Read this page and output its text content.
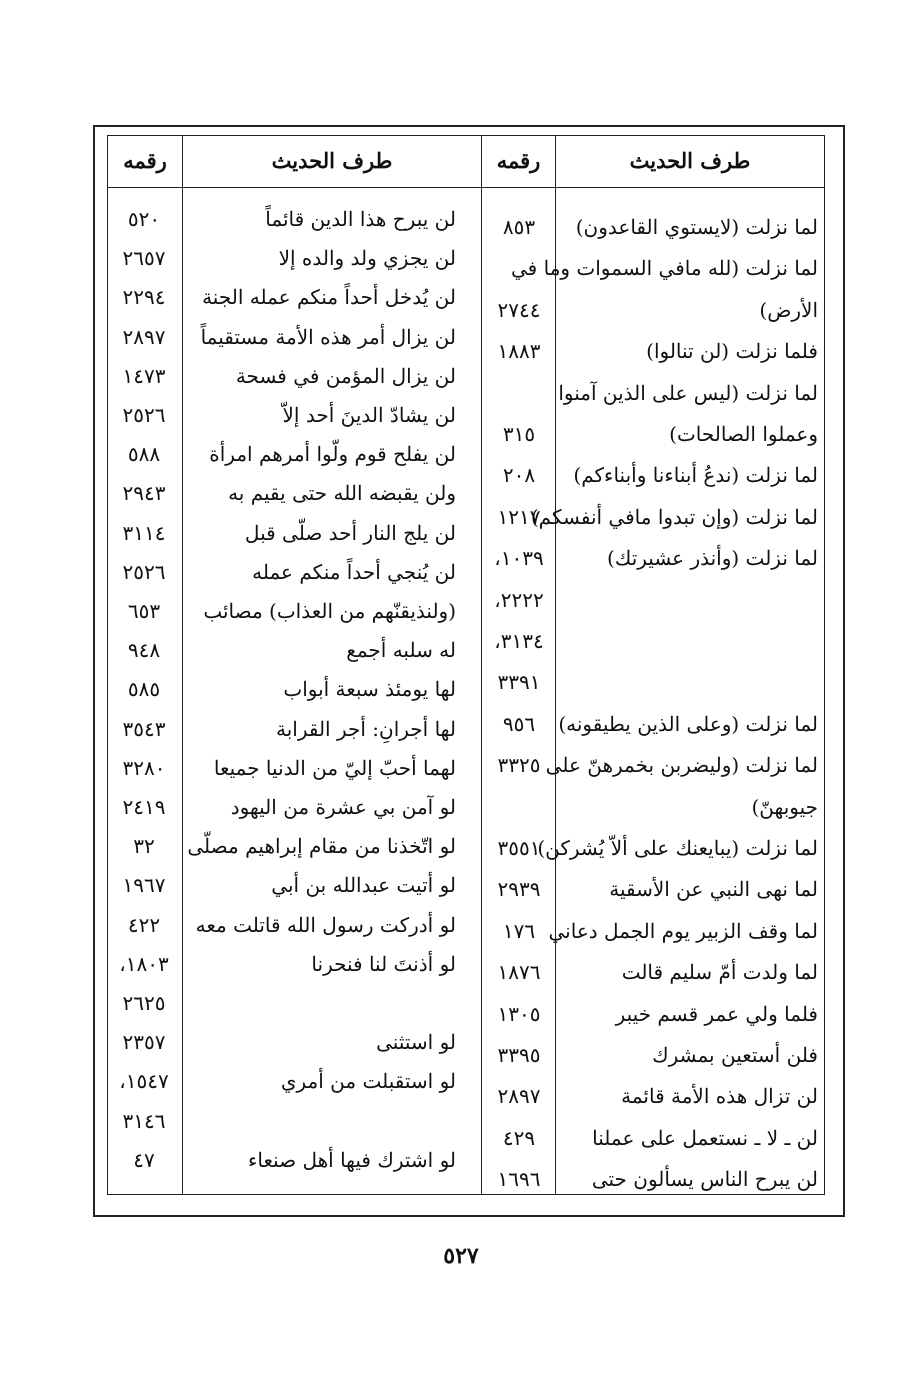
طرف الحديث
رقمه
طرف الحديث
رقمه
لما نزلت (لايستوي القاعدون)
٨٥٣
لما نزلت (لله مافي السموات وما في
الأرض)
٢٧٤٤
فلما نزلت (لن تنالوا)
١٨٨٣
لما نزلت (ليس على الذين آمنوا
وعملوا الصالحات)
٣١٥
لما نزلت (ندعُ أبناءنا وأبناءكم)
٢٠٨
لما نزلت (وإن تبدوا مافي أنفسكم)
١٢١٧
لما نزلت (وأنذر عشيرتك)
١٠٣٩،
٢٢٢٢،
٣١٣٤،
٣٣٩١
لما نزلت (وعلى الذين يطيقونه)
٩٥٦
لما نزلت (وليضربن بخمرهنّ على
٣٣٢٥
جيوبهنّ)
لما نزلت (يبايعنك على ألاّ يُشركن)
٣٥٥١
لما نهى النبي عن الأسقية
٢٩٣٩
لما وقف الزبير يوم الجمل دعاني
١٧٦
لما ولدت أمّ سليم قالت
١٨٧٦
فلما ولي عمر قسم خيبر
١٣٠٥
فلن أستعين بمشرك
٣٣٩٥
لن تزال هذه الأمة قائمة
٢٨٩٧
لن ـ لا ـ نستعمل على عملنا
٤٢٩
لن يبرح الناس يسألون حتى
١٦٩٦
لن يبرح هذا الدين قائماً
٥٢٠
لن يجزي ولد والده إلا
٢٦٥٧
لن يُدخل أحداً منكم عمله الجنة
٢٢٩٤
لن يزال أمر هذه الأمة مستقيماً
٢٨٩٧
لن يزال المؤمن في فسحة
١٤٧٣
لن يشادّ الدينَ أحد إلاّ
٢٥٢٦
لن يفلح قوم ولّوا أمرهم امرأة
٥٨٨
ولن يقبضه الله حتى يقيم به
٢٩٤٣
لن يلج النار أحد صلّى قبل
٣١١٤
لن يُنجي أحداً منكم عمله
٢٥٢٦
(ولنذيقنّهم من العذاب) مصائب
٦٥٣
له سلبه أجمع
٩٤٨
لها يومئذ سبعة أبواب
٥٨٥
لها أجرانِ: أجر القرابة
٣٥٤٣
لهما أحبّ إليّ من الدنيا جميعا
٣٢٨٠
لو آمن بي عشرة من اليهود
٢٤١٩
لو اتّخذنا من مقام إبراهيم مصلّى
٣٢
لو أتيت عبدالله بن أبي
١٩٦٧
لو أدركت رسول الله قاتلت معه
٤٢٢
لو أذنتَ لنا فنحرنا
١٨٠٣،
٢٦٢٥
لو استثنى
٢٣٥٧
لو استقبلت من أمري
١٥٤٧،
٣١٤٦
لو اشترك فيها أهل صنعاء
٤٧
٥٢٧
